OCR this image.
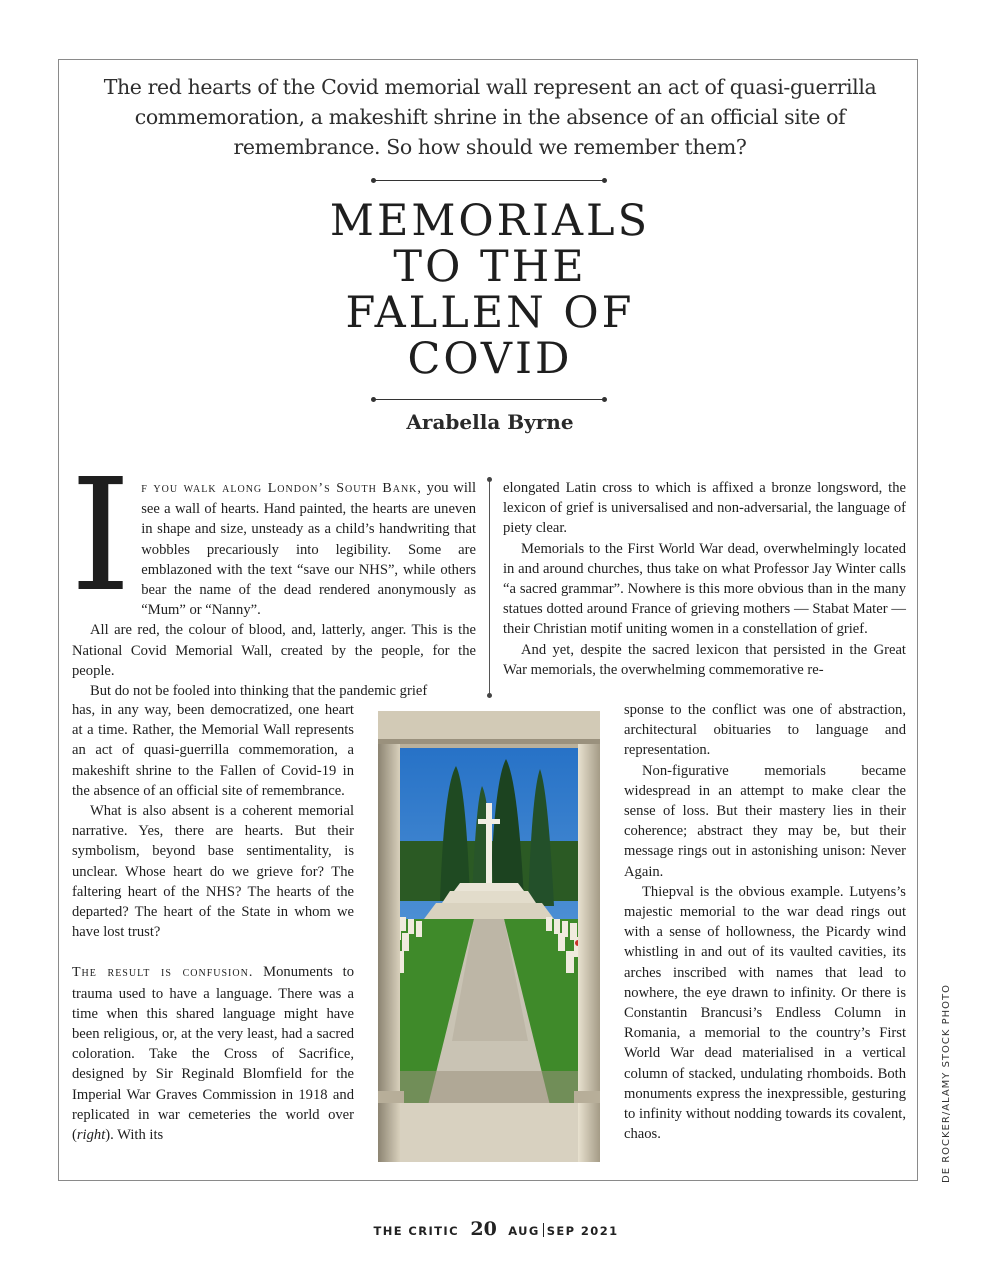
The red hearts of the Covid memorial wall represent an act of quasi-guerrilla commemoration, a makeshift shrine in the absence of an official site of remembrance. So how should we remember them?
MEMORIALS
TO THE
FALLEN OF
COVID
Arabella Byrne
I f you walk along London’s South Bank, you will see a wall of hearts. Hand painted, the hearts are uneven in shape and size, unsteady as a child’s handwriting that wobbles precariously into legibility. Some are emblazoned with the text “save our NHS”, while others bear the name of the dead rendered anonymously as “Mum” or “Nanny”.

All are red, the colour of blood, and, latterly, anger. This is the National Covid Memorial Wall, created by the people, for the people.

But do not be fooled into thinking that the pandemic grief

has, in any way, been democratized, one heart at a time. Rather, the Memorial Wall represents an act of quasi-guerrilla commemoration, a makeshift shrine to the Fallen of Covid-19 in the absence of an official site of remembrance.

What is also absent is a coherent memorial narrative. Yes, there are hearts. But their symbolism, beyond base sentimentality, is unclear. Whose heart do we grieve for? The faltering heart of the NHS? The hearts of the departed? The heart of the State in whom we have lost trust?

The result is confusion. Monuments to trauma used to have a language. There was a time when this shared language might have been religious, or, at the very least, had a sacred coloration. Take the Cross of Sacrifice, designed by Sir Reginald Blomfield for the Imperial War Graves Commission in 1918 and replicated in war cemeteries the world over (right). With its

elongated Latin cross to which is affixed a bronze longsword, the lexicon of grief is universalised and non-adversarial, the language of piety clear.

Memorials to the First World War dead, overwhelmingly located in and around churches, thus take on what Professor Jay Winter calls “a sacred grammar”. Nowhere is this more obvious than in the many statues dotted around France of grieving mothers — Stabat Mater — their Christian motif uniting women in a constellation of grief.

And yet, despite the sacred lexicon that persisted in the Great War memorials, the overwhelming commemorative re-

sponse to the conflict was one of abstraction, architectural obituaries to language and representation.

Non-figurative memorials became widespread in an attempt to make clear the sense of loss. But their mastery lies in their coherence; abstract they may be, but their message rings out in astonishing unison: Never Again.

Thiepval is the obvious example. Lutyens’s majestic memorial to the war dead rings out with a sense of hollowness, the Picardy wind whistling in and out of its vaulted cavities, its arches inscribed with names that lead to nowhere, the eye drawn to infinity. Or there is Constantin Brancusi’s Endless Column in Romania, a memorial to the country’s First World War dead materialised in a vertical column of stacked, undulating rhomboids. Both monuments express the inexpressible, gesturing to infinity without nodding towards its covalent, chaos.	DE ROCKER/ALAMY STOCK PHOTO
THE CRITIC 20 AUG SEP 2021
